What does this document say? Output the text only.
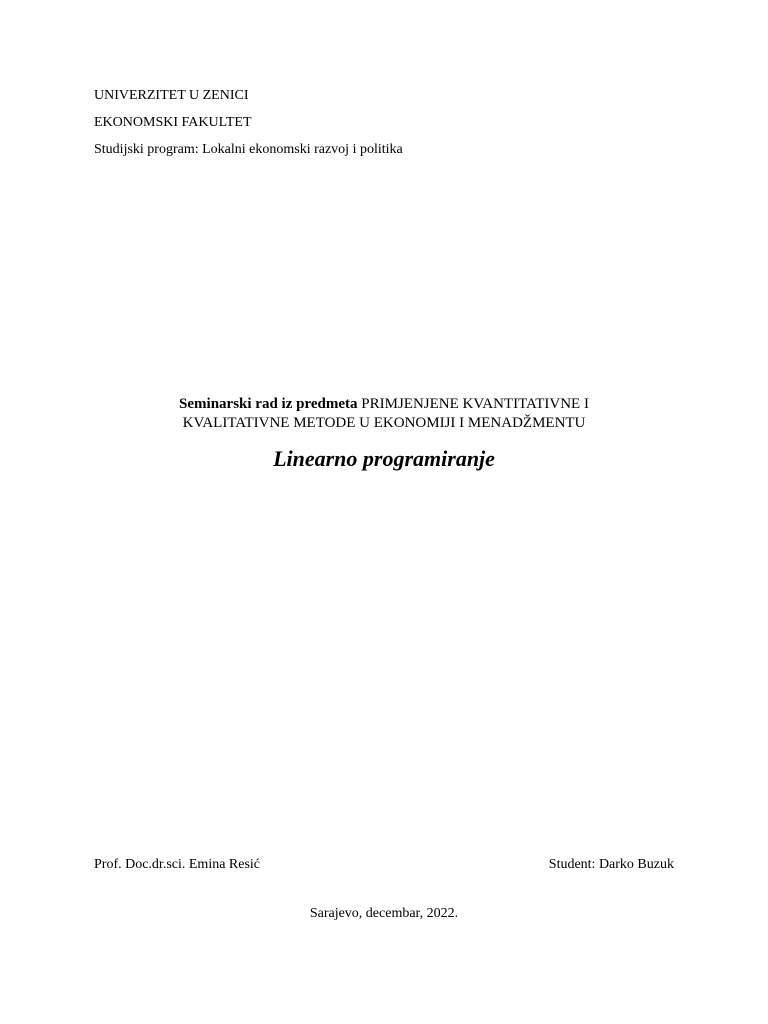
UNIVERZITET U ZENICI
EKONOMSKI FAKULTET
Studijski program: Lokalni ekonomski razvoj i politika
Seminarski rad iz predmeta PRIMJENJENE KVANTITATIVNE I
KVALITATIVNE METODE U EKONOMIJI I MENADŽMENTU
Linearno programiranje
Prof. Doc.dr.sci. Emina Resić	Student: Darko Buzuk
Sarajevo, decembar, 2022.
